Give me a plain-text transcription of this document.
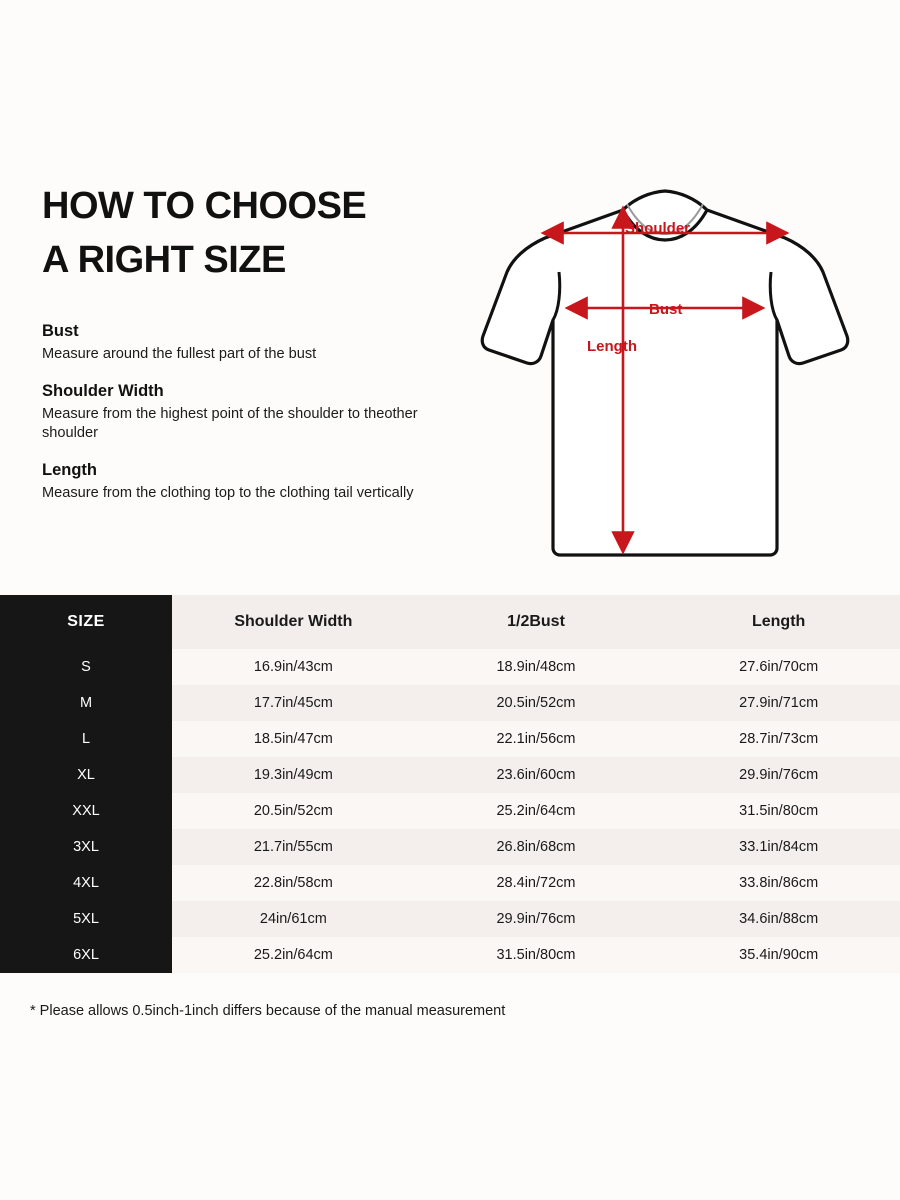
HOW TO CHOOSE
A RIGHT SIZE
Bust
Measure around the fullest part of the bust
Shoulder Width
Measure from the highest point of the shoulder to theother shoulder
Length
Measure from the clothing top to the clothing tail vertically
Shoulder
Bust
Length
SIZE	Shoulder Width	1/2Bust	Length
S	16.9in/43cm	18.9in/48cm	27.6in/70cm
M	17.7in/45cm	20.5in/52cm	27.9in/71cm
L	18.5in/47cm	22.1in/56cm	28.7in/73cm
XL	19.3in/49cm	23.6in/60cm	29.9in/76cm
XXL	20.5in/52cm	25.2in/64cm	31.5in/80cm
3XL	21.7in/55cm	26.8in/68cm	33.1in/84cm
4XL	22.8in/58cm	28.4in/72cm	33.8in/86cm
5XL	24in/61cm	29.9in/76cm	34.6in/88cm
6XL	25.2in/64cm	31.5in/80cm	35.4in/90cm
* Please allows 0.5inch-1inch differs because of the manual measurement
